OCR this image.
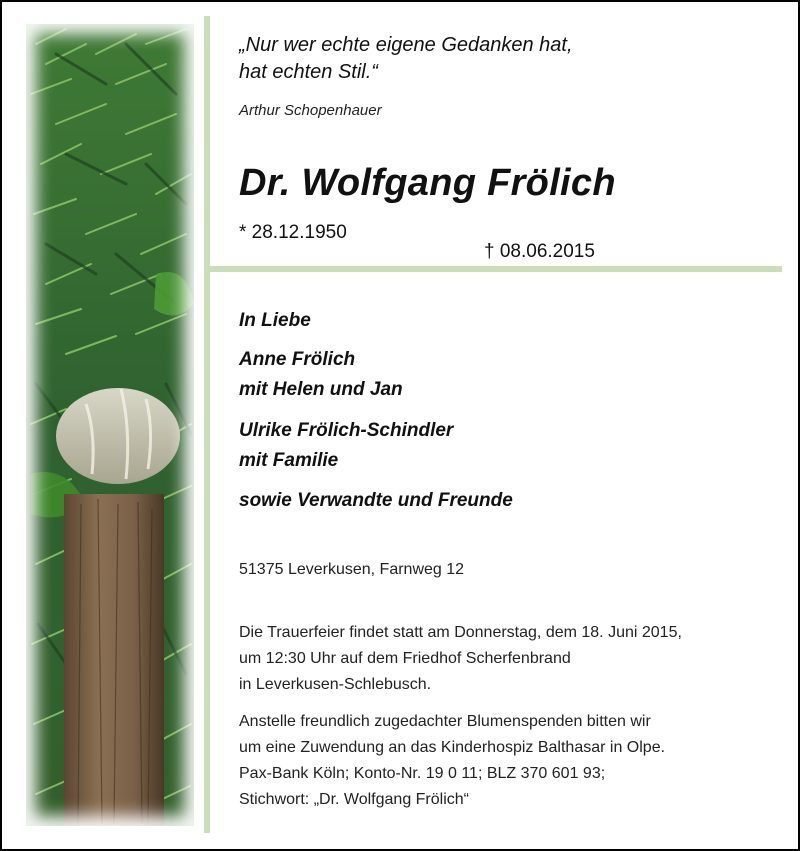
„Nur wer echte eigene Gedanken hat,
hat echten Stil.“

Arthur Schopenhauer

Dr. Wolfgang Frölich

* 28.12.1950

† 08.06.2015

In Liebe

Anne Frölich
mit Helen und Jan

Ulrike Frölich-Schindler
mit Familie

sowie Verwandte und Freunde

51375 Leverkusen, Farnweg 12

Die Trauerfeier findet statt am Donnerstag, dem 18. Juni 2015,
um 12:30 Uhr auf dem Friedhof Scherfenbrand
in Leverkusen-Schlebusch.

Anstelle freundlich zugedachter Blumenspenden bitten wir
um eine Zuwendung an das Kinderhospiz Balthasar in Olpe.
Pax-Bank Köln; Konto-Nr. 19 0 11; BLZ 370 601 93;
Stichwort: „Dr. Wolfgang Frölich“
